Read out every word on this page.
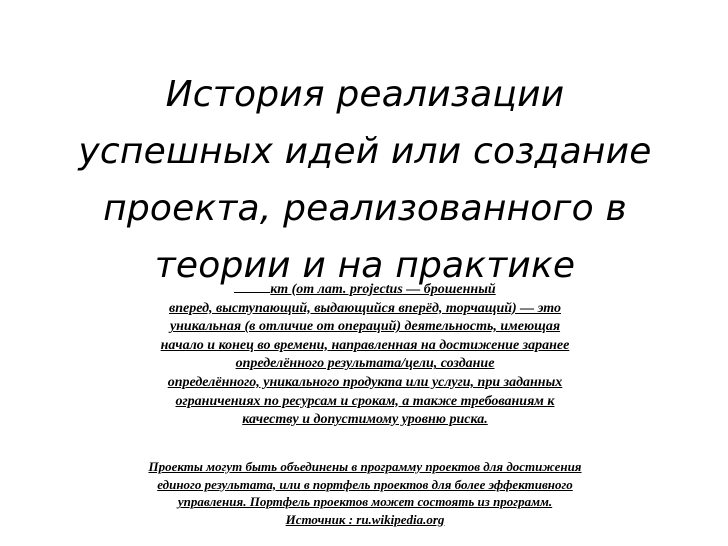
История реализации
успешных идей или создание
проекта, реализованного в
теории и на практике
кт (от лат. projectus — брошенный
вперед, выступающий, выдающийся вперёд, торчащий) — это
уникальная (в отличие от операций) деятельность, имеющая
начало и конец во времени, направленная на достижение заранее
определённого результата/цели, создание
определённого, уникального продукта или услуги, при заданных
ограничениях по ресурсам и срокам, а также требованиям к
качеству и допустимому уровню риска.
Проекты могут быть объединены в программу проектов для достижения
единого результата, или в портфель проектов для более эффективного
управления. Портфель проектов может состоять из программ.
Источник : ru.wikipedia.org
